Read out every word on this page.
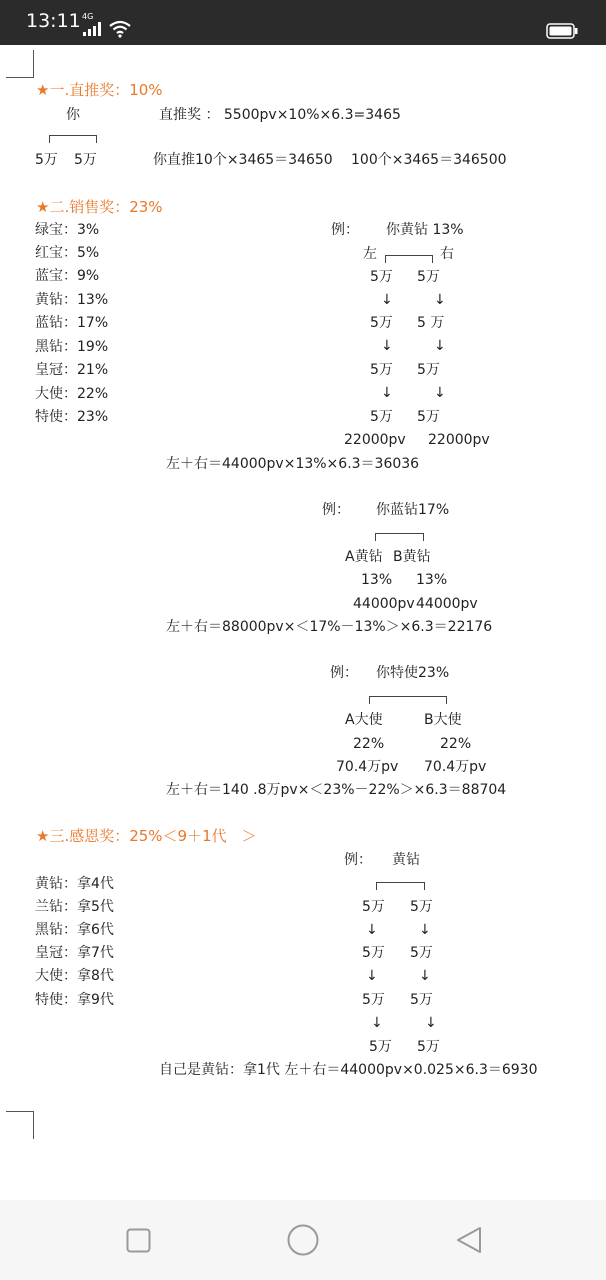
13:11 4G
★一.直推奖：10%
你	直推奖 ： 5500pv×10%×6.3=3465
5万 5万	你直推10个×3465＝34650 100个×3465＝346500
★二.销售奖：23%
绿宝：3%
红宝：5%
蓝宝：9%
黄钻：13%
蓝钻：17%
黑钻：19%
皇冠：21%
大使：22%
特使：23%
例： 你黄钻 13%
左	右
5万 5万
↓	↓
5万 5 万
↓	↓
5万 5万
↓	↓
5万 5万
22000pv 22000pv
左＋右＝44000pv×13%×6.3＝36036
例： 你蓝钻17%
A黄钻 B黄钻
13% 13%
44000pv 44000pv
左＋右＝88000pv×＜17%－13%＞×6.3＝22176
例： 你特使23%
A大使	B大使
22%	22%
70.4万pv 70.4万pv
左＋右＝140 .8万pv×＜23%－22%＞×6.3＝88704
★三.感恩奖：25%＜9＋1代　＞
例： 黄钻
黄钻：拿4代
兰钻：拿5代
黑钻：拿6代
皇冠：拿7代
大使：拿8代
特使：拿9代
5万 5万
↓	↓
5万 5万
↓	↓
5万 5万
↓	↓
5万 5万
自己是黄钻：拿1代 左＋右＝44000pv×0.025×6.3＝6930
